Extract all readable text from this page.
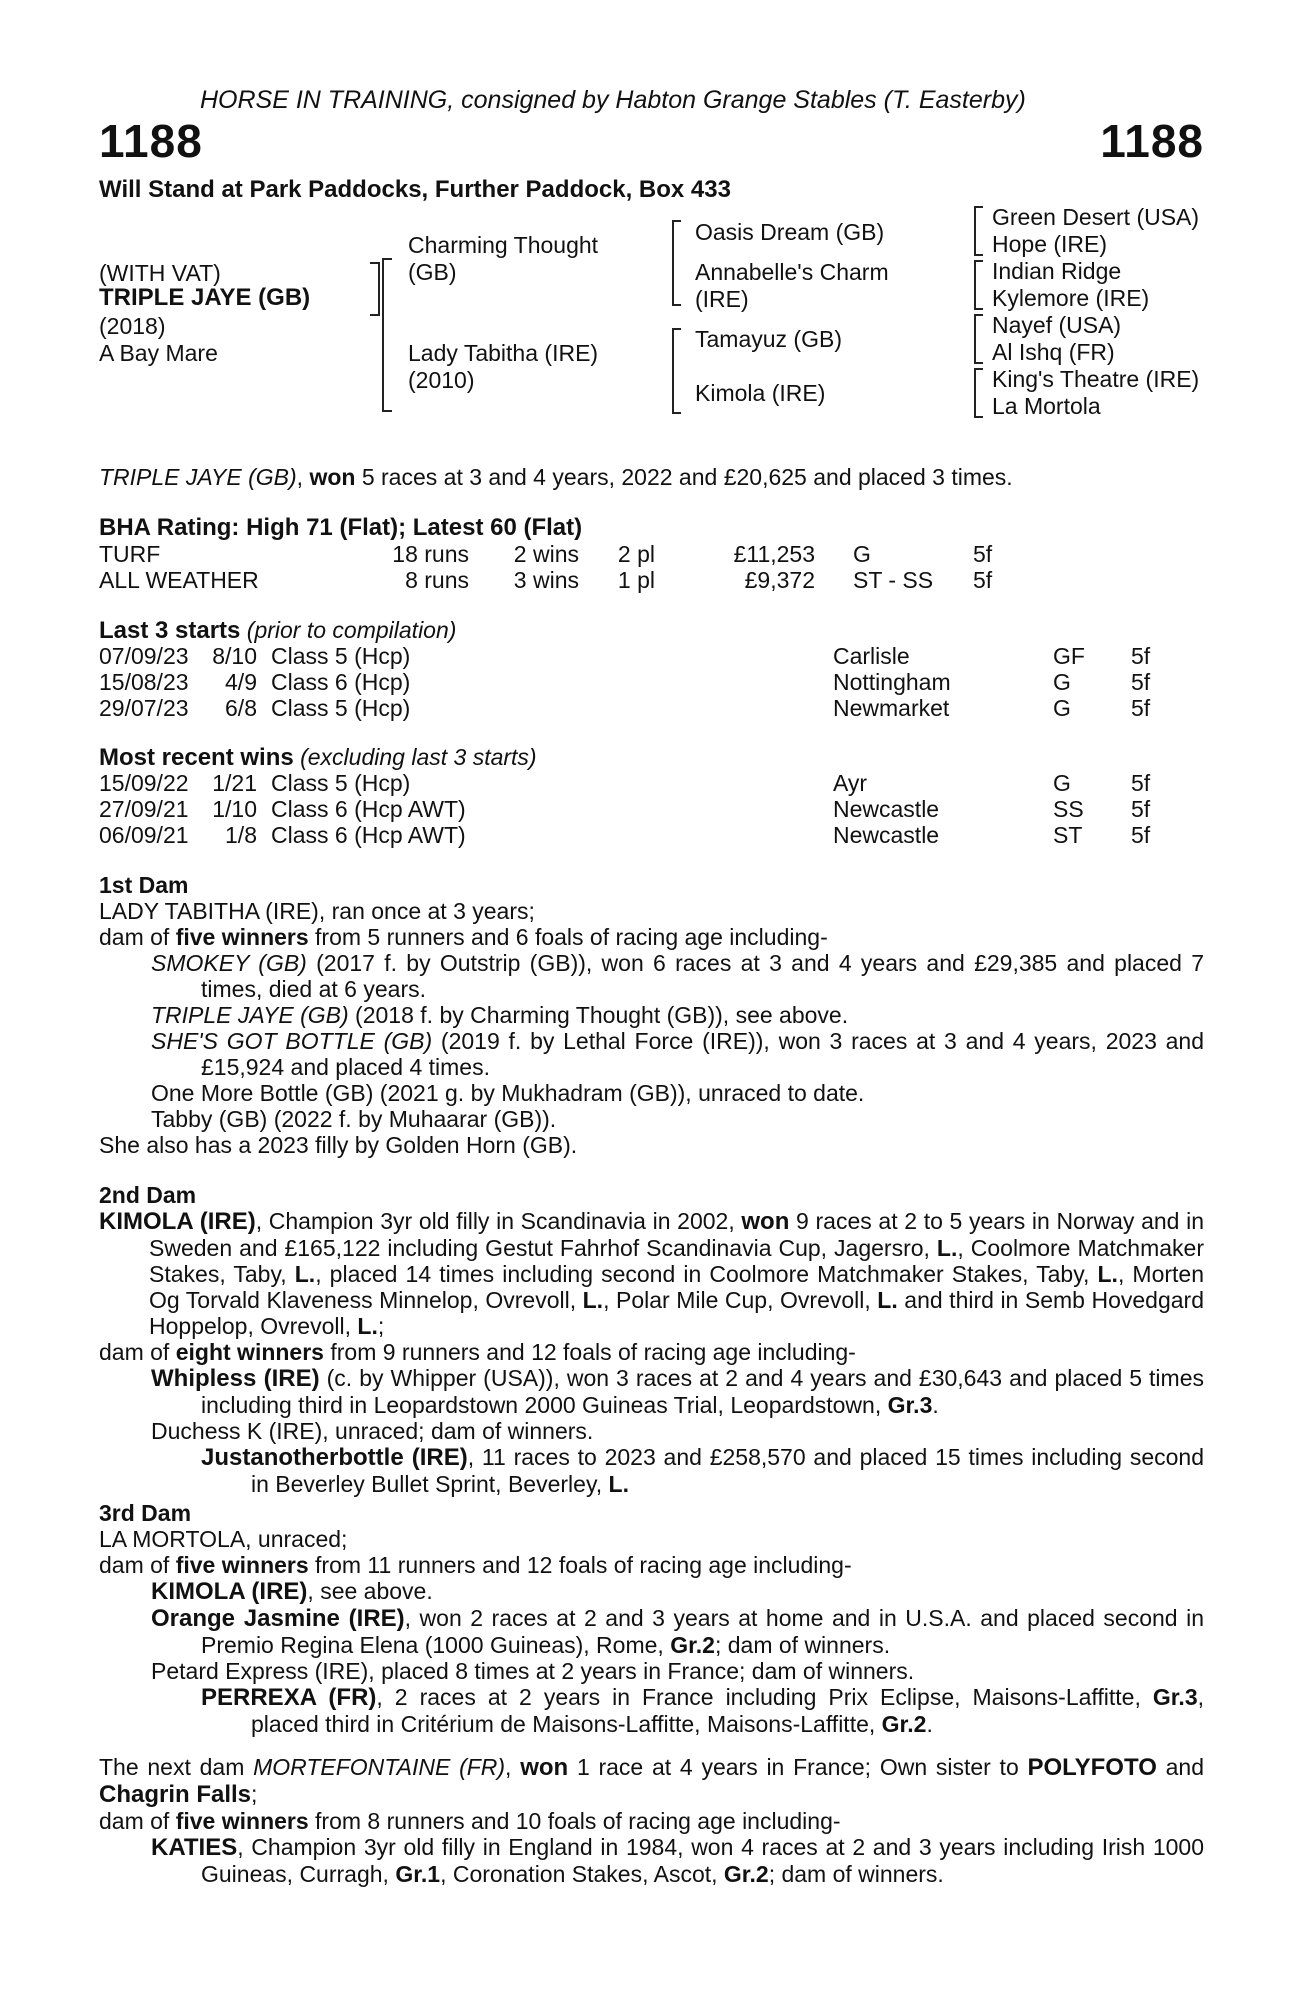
HORSE IN TRAINING, consigned by Habton Grange Stables (T. Easterby)
1188	1188
Will Stand at Park Paddocks, Further Paddock, Box 433
(WITH VAT)
TRIPLE JAYE (GB)
(2018)
A Bay Mare
Charming Thought
(GB)
Lady Tabitha (IRE)
(2010)
Oasis Dream (GB)
Annabelle's Charm
(IRE)
Tamayuz (GB)
Kimola (IRE)
Green Desert (USA)
Hope (IRE)
Indian Ridge
Kylemore (IRE)
Nayef (USA)
Al Ishq (FR)
King's Theatre (IRE)
La Mortola
TRIPLE JAYE (GB), won 5 races at 3 and 4 years, 2022 and £20,625 and placed 3 times.
BHA Rating: High 71 (Flat); Latest 60 (Flat)
TURF	18 runs	2 wins	2 pl	£11,253	G	5f
ALL WEATHER	8 runs	3 wins	1 pl	£9,372	ST - SS	5f
Last 3 starts (prior to compilation)
07/09/23	8/10	Class 5 (Hcp)	Carlisle	GF	5f
15/08/23	4/9	Class 6 (Hcp)	Nottingham	G	5f
29/07/23	6/8	Class 5 (Hcp)	Newmarket	G	5f
Most recent wins (excluding last 3 starts)
15/09/22	1/21	Class 5 (Hcp)	Ayr	G	5f
27/09/21	1/10	Class 6 (Hcp AWT)	Newcastle	SS	5f
06/09/21	1/8	Class 6 (Hcp AWT)	Newcastle	ST	5f
1st Dam
LADY TABITHA (IRE), ran once at 3 years;
dam of five winners from 5 runners and 6 foals of racing age including-
SMOKEY (GB) (2017 f. by Outstrip (GB)), won 6 races at 3 and 4 years and £29,385 and placed 7 times, died at 6 years.
TRIPLE JAYE (GB) (2018 f. by Charming Thought (GB)), see above.
SHE'S GOT BOTTLE (GB) (2019 f. by Lethal Force (IRE)), won 3 races at 3 and 4 years, 2023 and £15,924 and placed 4 times.
One More Bottle (GB) (2021 g. by Mukhadram (GB)), unraced to date.
Tabby (GB) (2022 f. by Muhaarar (GB)).
She also has a 2023 filly by Golden Horn (GB).
2nd Dam
KIMOLA (IRE), Champion 3yr old filly in Scandinavia in 2002, won 9 races at 2 to 5 years in Norway and in Sweden and £165,122 including Gestut Fahrhof Scandinavia Cup, Jagersro, L., Coolmore Matchmaker Stakes, Taby, L., placed 14 times including second in Coolmore Matchmaker Stakes, Taby, L., Morten Og Torvald Klaveness Minnelop, Ovrevoll, L., Polar Mile Cup, Ovrevoll, L. and third in Semb Hovedgard Hoppelop, Ovrevoll, L.;
dam of eight winners from 9 runners and 12 foals of racing age including-
Whipless (IRE) (c. by Whipper (USA)), won 3 races at 2 and 4 years and £30,643 and placed 5 times including third in Leopardstown 2000 Guineas Trial, Leopardstown, Gr.3.
Duchess K (IRE), unraced; dam of winners.
Justanotherbottle (IRE), 11 races to 2023 and £258,570 and placed 15 times including second in Beverley Bullet Sprint, Beverley, L.
3rd Dam
LA MORTOLA, unraced;
dam of five winners from 11 runners and 12 foals of racing age including-
KIMOLA (IRE), see above.
Orange Jasmine (IRE), won 2 races at 2 and 3 years at home and in U.S.A. and placed second in Premio Regina Elena (1000 Guineas), Rome, Gr.2; dam of winners.
Petard Express (IRE), placed 8 times at 2 years in France; dam of winners.
PERREXA (FR), 2 races at 2 years in France including Prix Eclipse, Maisons-Laffitte, Gr.3, placed third in Critérium de Maisons-Laffitte, Maisons-Laffitte, Gr.2.
The next dam MORTEFONTAINE (FR), won 1 race at 4 years in France; Own sister to POLYFOTO and Chagrin Falls;
dam of five winners from 8 runners and 10 foals of racing age including-
KATIES, Champion 3yr old filly in England in 1984, won 4 races at 2 and 3 years including Irish 1000 Guineas, Curragh, Gr.1, Coronation Stakes, Ascot, Gr.2; dam of winners.
